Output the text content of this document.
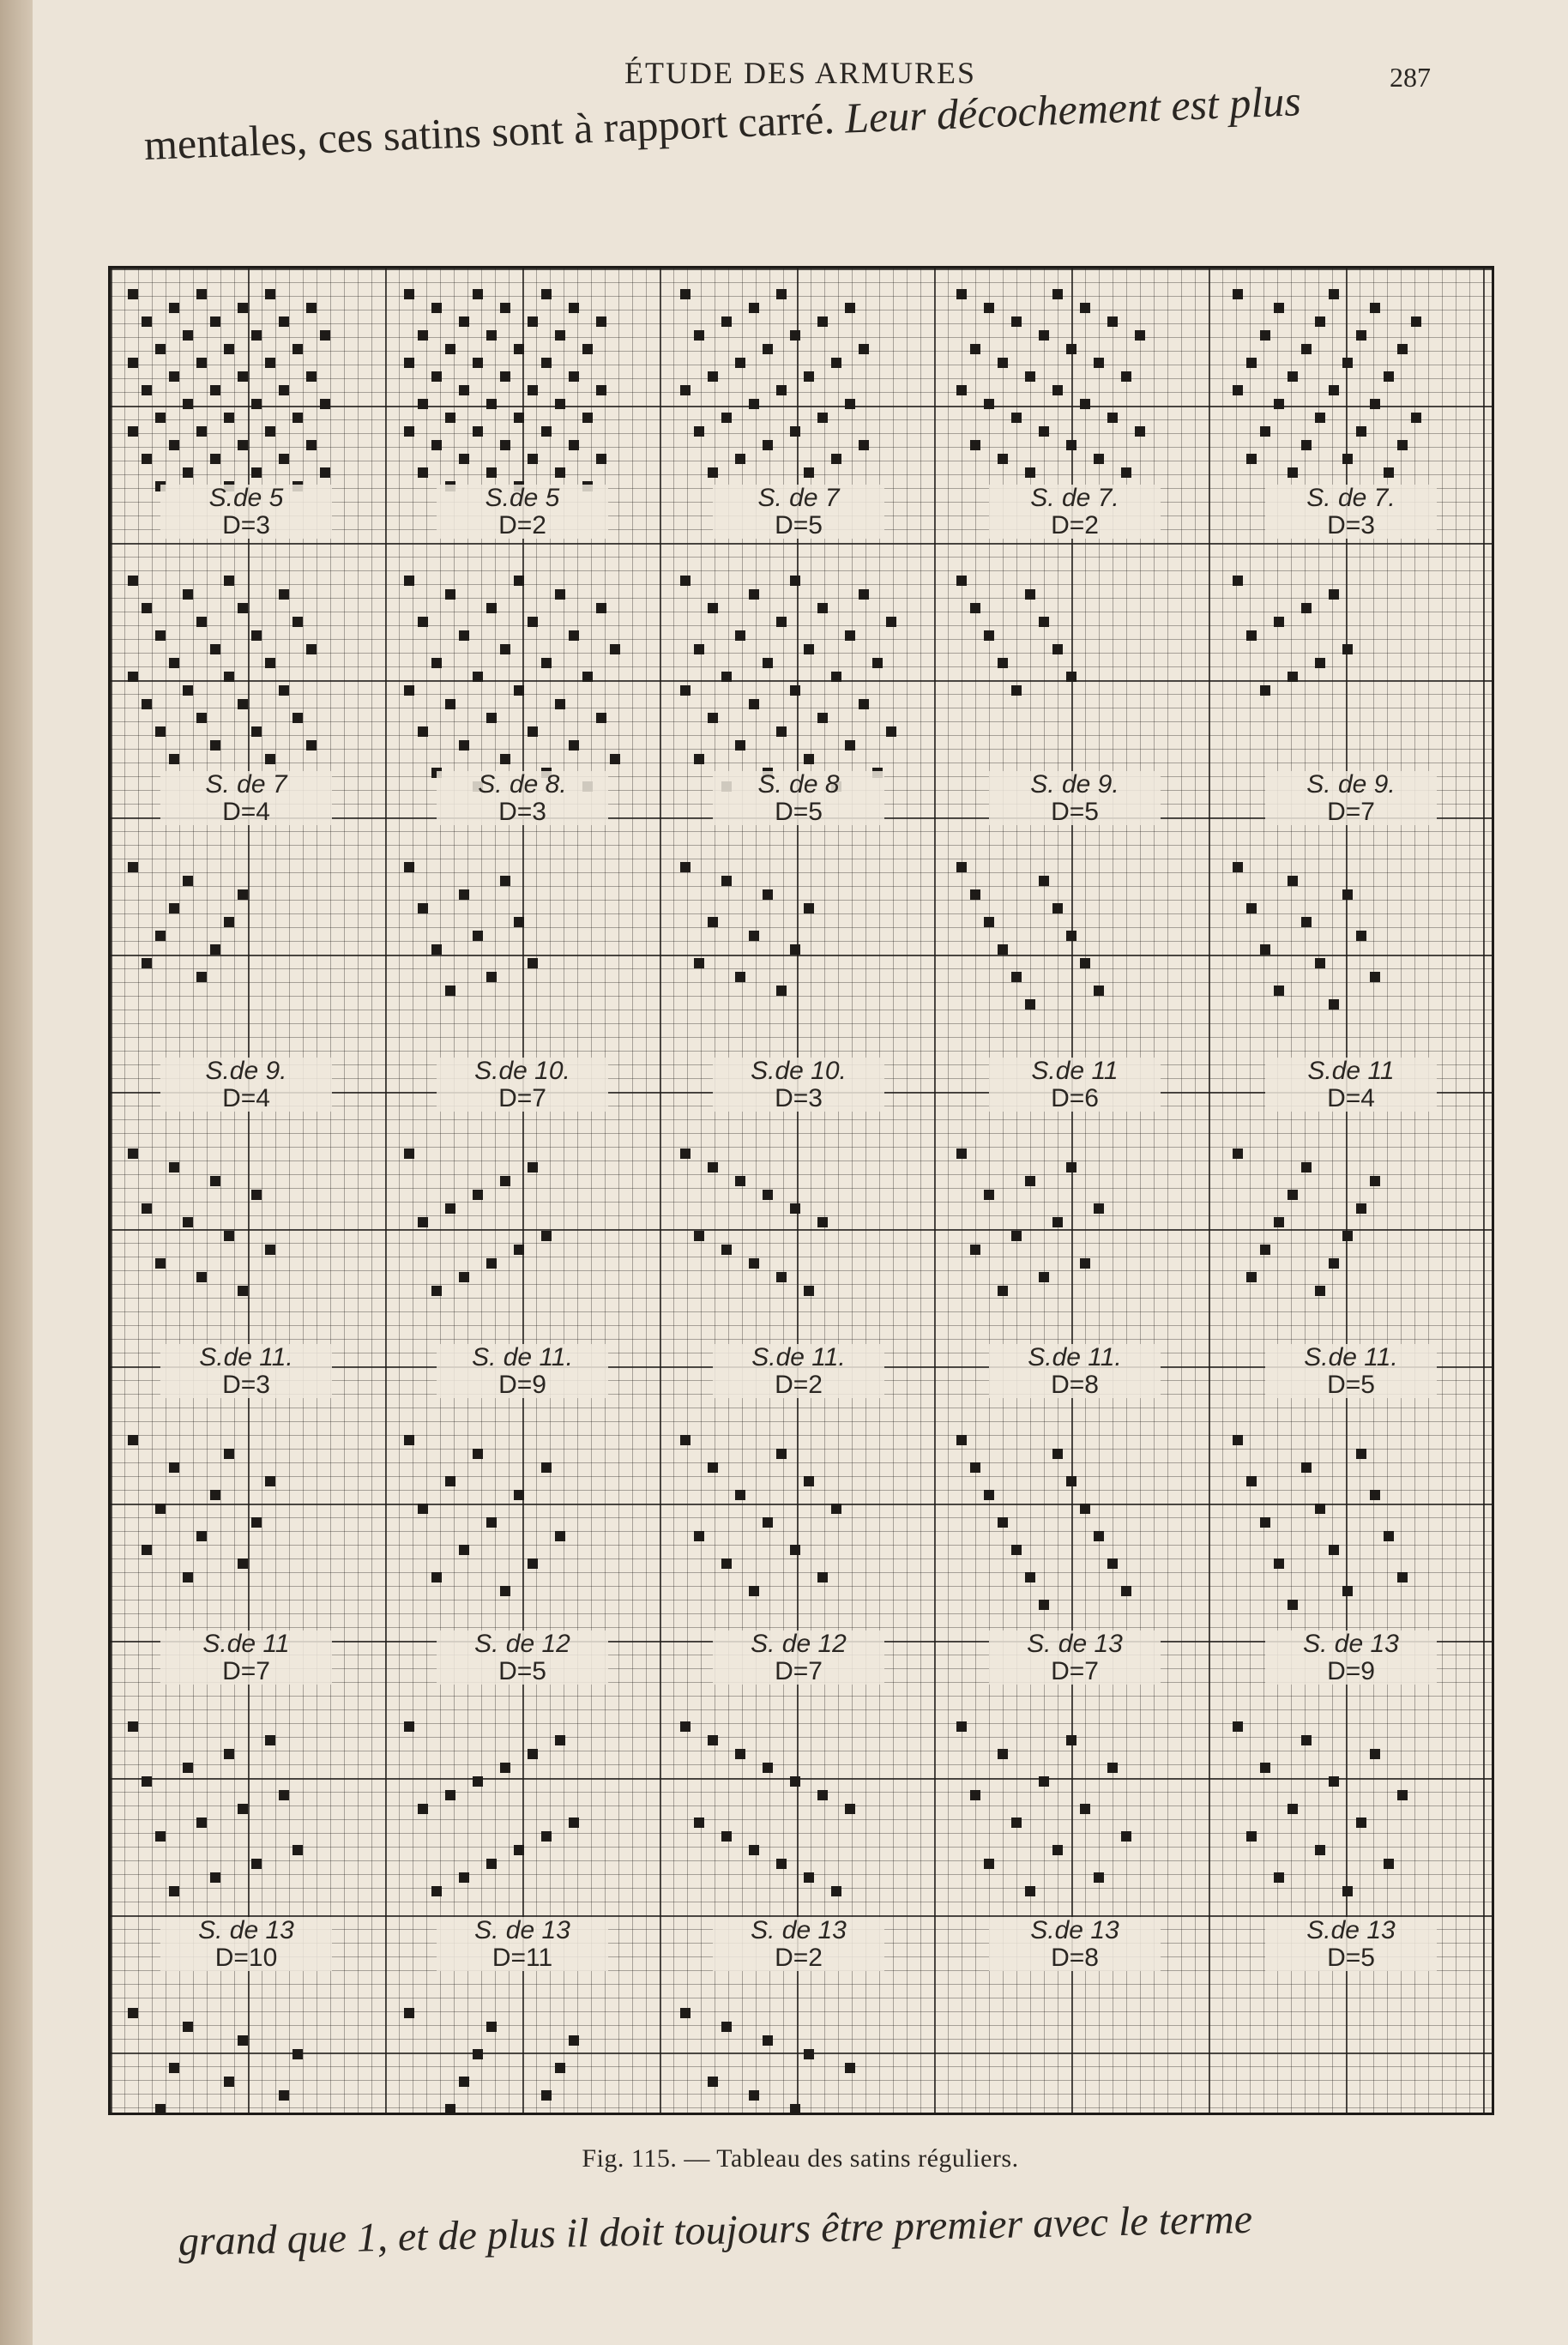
ÉTUDE DES ARMURES	287
mentales, ces satins sont à rapport carré. Leur décochement est plus
S.de 5
D=3
S.de 5
D=2
S. de 7
D=5
S. de 7.
D=2
S. de 7.
D=3
S. de 7
D=4
S. de 8.
D=3
S. de 8
D=5
S. de 9.
D=5
S. de 9.
D=7
S.de 9.
D=4
S.de 10.
D=7
S.de 10.
D=3
S.de 11
D=6
S.de 11
D=4
S.de 11.
D=3
S. de 11.
D=9
S.de 11.
D=2
S.de 11.
D=8
S.de 11.
D=5
S.de 11
D=7
S. de 12
D=5
S. de 12
D=7
S. de 13
D=7
S. de 13
D=9
S. de 13
D=10
S. de 13
D=11
S. de 13
D=2
S.de 13
D=8
S.de 13
D=5
Fig. 115. — Tableau des satins réguliers.
grand que 1, et de plus il doit toujours être premier avec le terme
